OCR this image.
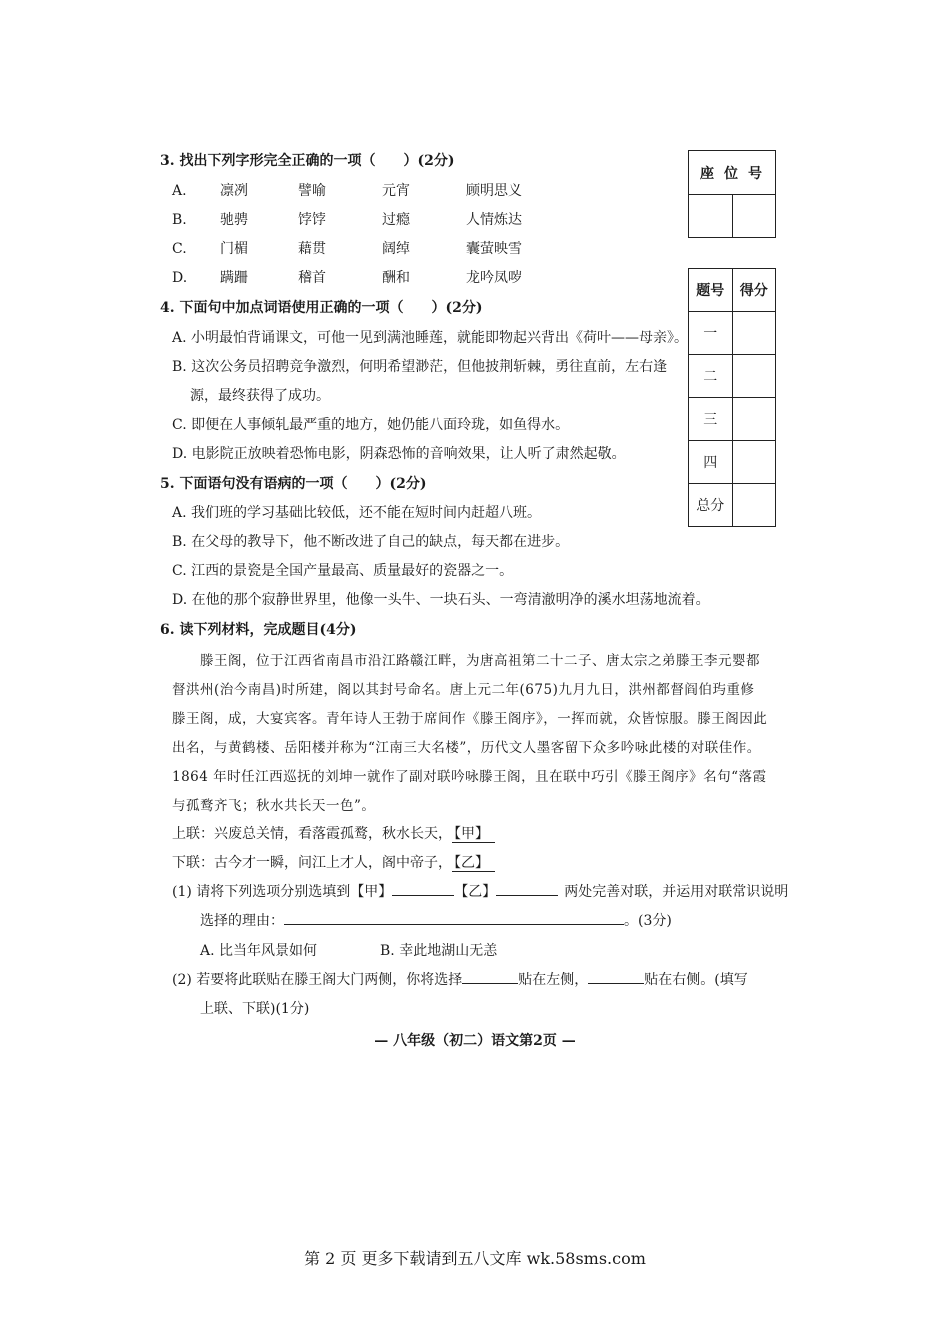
3. 找出下列字形完全正确的一项（　　）(2分)
A. 凛冽	譬喻	元宵	顾明思义
B. 驰骋	饽饽	过瘾	人情炼达
C. 门楣	藉贯	阔绰	囊萤映雪
D. 蹒跚	稽首	酬和	龙吟凤哕
4. 下面句中加点词语使用正确的一项（　　）(2分)
A. 小明最怕背诵课文，可他一见到满池睡莲，就能即物起兴背出《荷叶——母亲》。
B. 这次公务员招聘竞争激烈，何明希望渺茫，但他披荆斩棘，勇往直前，左右逢
源，最终获得了成功。
C. 即便在人事倾轧最严重的地方，她仍能八面玲珑，如鱼得水。
D. 电影院正放映着恐怖电影，阴森恐怖的音响效果，让人听了肃然起敬。
5. 下面语句没有语病的一项（　　）(2分)
A. 我们班的学习基础比较低，还不能在短时间内赶超八班。
B. 在父母的教导下，他不断改进了自己的缺点，每天都在进步。
C. 江西的景瓷是全国产量最高、质量最好的瓷器之一。
D. 在他的那个寂静世界里，他像一头牛、一块石头、一弯清澈明净的溪水坦荡地流着。
6. 读下列材料，完成题目(4分)
滕王阁，位于江西省南昌市沿江路赣江畔，为唐高祖第二十二子、唐太宗之弟滕王李元婴都
督洪州(治今南昌)时所建，阁以其封号命名。唐上元二年(675)九月九日，洪州都督阎伯玙重修
滕王阁，成，大宴宾客。青年诗人王勃于席间作《滕王阁序》，一挥而就，众皆惊服。滕王阁因此
出名，与黄鹤楼、岳阳楼并称为“江南三大名楼”，历代文人墨客留下众多吟咏此楼的对联佳作。
1864 年时任江西巡抚的刘坤一就作了副对联吟咏滕王阁，且在联中巧引《滕王阁序》名句“落霞
与孤鹜齐飞；秋水共长天一色”。
上联：兴废总关情，看落霞孤鹜，秋水长天， 【甲】
下联：古今才一瞬，问江上才人，阁中帝子， 【乙】
(1) 请将下列选项分别选填到【甲】	【乙】	两处完善对联，并运用对联常识说明
选择的理由：	。(3分)
A. 比当年风景如何	B. 幸此地湖山无恙
(2) 若要将此联贴在滕王阁大门两侧，你将选择	贴在左侧，	贴在右侧。(填写
上联、下联)(1分)
— 八年级（初二）语文第2页 —
座位号
题号	得分
一	
二	
三	
四	
总分	
第 2 页 更多下载请到五八文库 wk.58sms.com
